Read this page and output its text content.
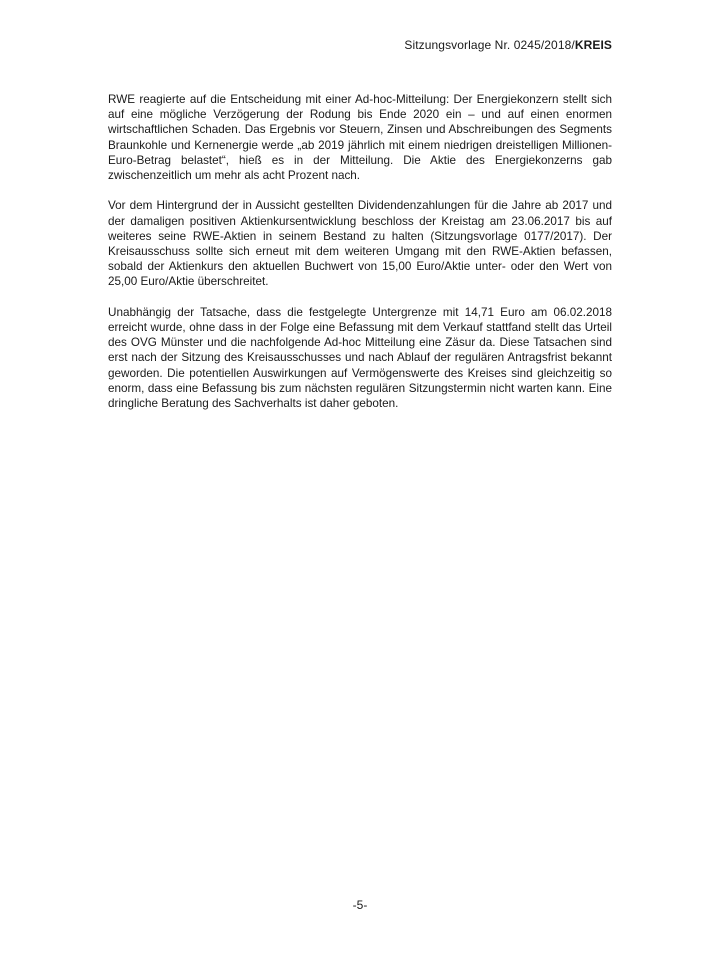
Sitzungsvorlage Nr. 0245/2018/KREIS

RWE reagierte auf die Entscheidung mit einer Ad-hoc-Mitteilung: Der Energiekonzern stellt sich auf eine mögliche Verzögerung der Rodung bis Ende 2020 ein – und auf einen enormen wirtschaftlichen Schaden. Das Ergebnis vor Steuern, Zinsen und Abschreibungen des Segments Braunkohle und Kernenergie werde „ab 2019 jährlich mit einem niedrigen dreistelligen Millionen-Euro-Betrag belastet“, hieß es in der Mitteilung. Die Aktie des Energiekonzerns gab zwischenzeitlich um mehr als acht Prozent nach.

Vor dem Hintergrund der in Aussicht gestellten Dividendenzahlungen für die Jahre ab 2017 und der damaligen positiven Aktienkursentwicklung beschloss der Kreistag am 23.06.2017 bis auf weiteres seine RWE-Aktien in seinem Bestand zu halten (Sitzungsvorlage 0177/2017). Der Kreisausschuss sollte sich erneut mit dem weiteren Umgang mit den RWE-Aktien befassen, sobald der Aktienkurs den aktuellen Buchwert von 15,00 Euro/Aktie unter- oder den Wert von 25,00 Euro/Aktie überschreitet.

Unabhängig der Tatsache, dass die festgelegte Untergrenze mit 14,71 Euro am 06.02.2018 erreicht wurde, ohne dass in der Folge eine Befassung mit dem Verkauf stattfand stellt das Urteil des OVG Münster und die nachfolgende Ad-hoc Mitteilung eine Zäsur da. Diese Tatsachen sind erst nach der Sitzung des Kreisausschusses und nach Ablauf der regulären Antragsfrist bekannt geworden. Die potentiellen Auswirkungen auf Vermögenswerte des Kreises sind gleichzeitig so enorm, dass eine Befassung bis zum nächsten regulären Sitzungstermin nicht warten kann. Eine dringliche Beratung des Sachverhalts ist daher geboten.

-5-
